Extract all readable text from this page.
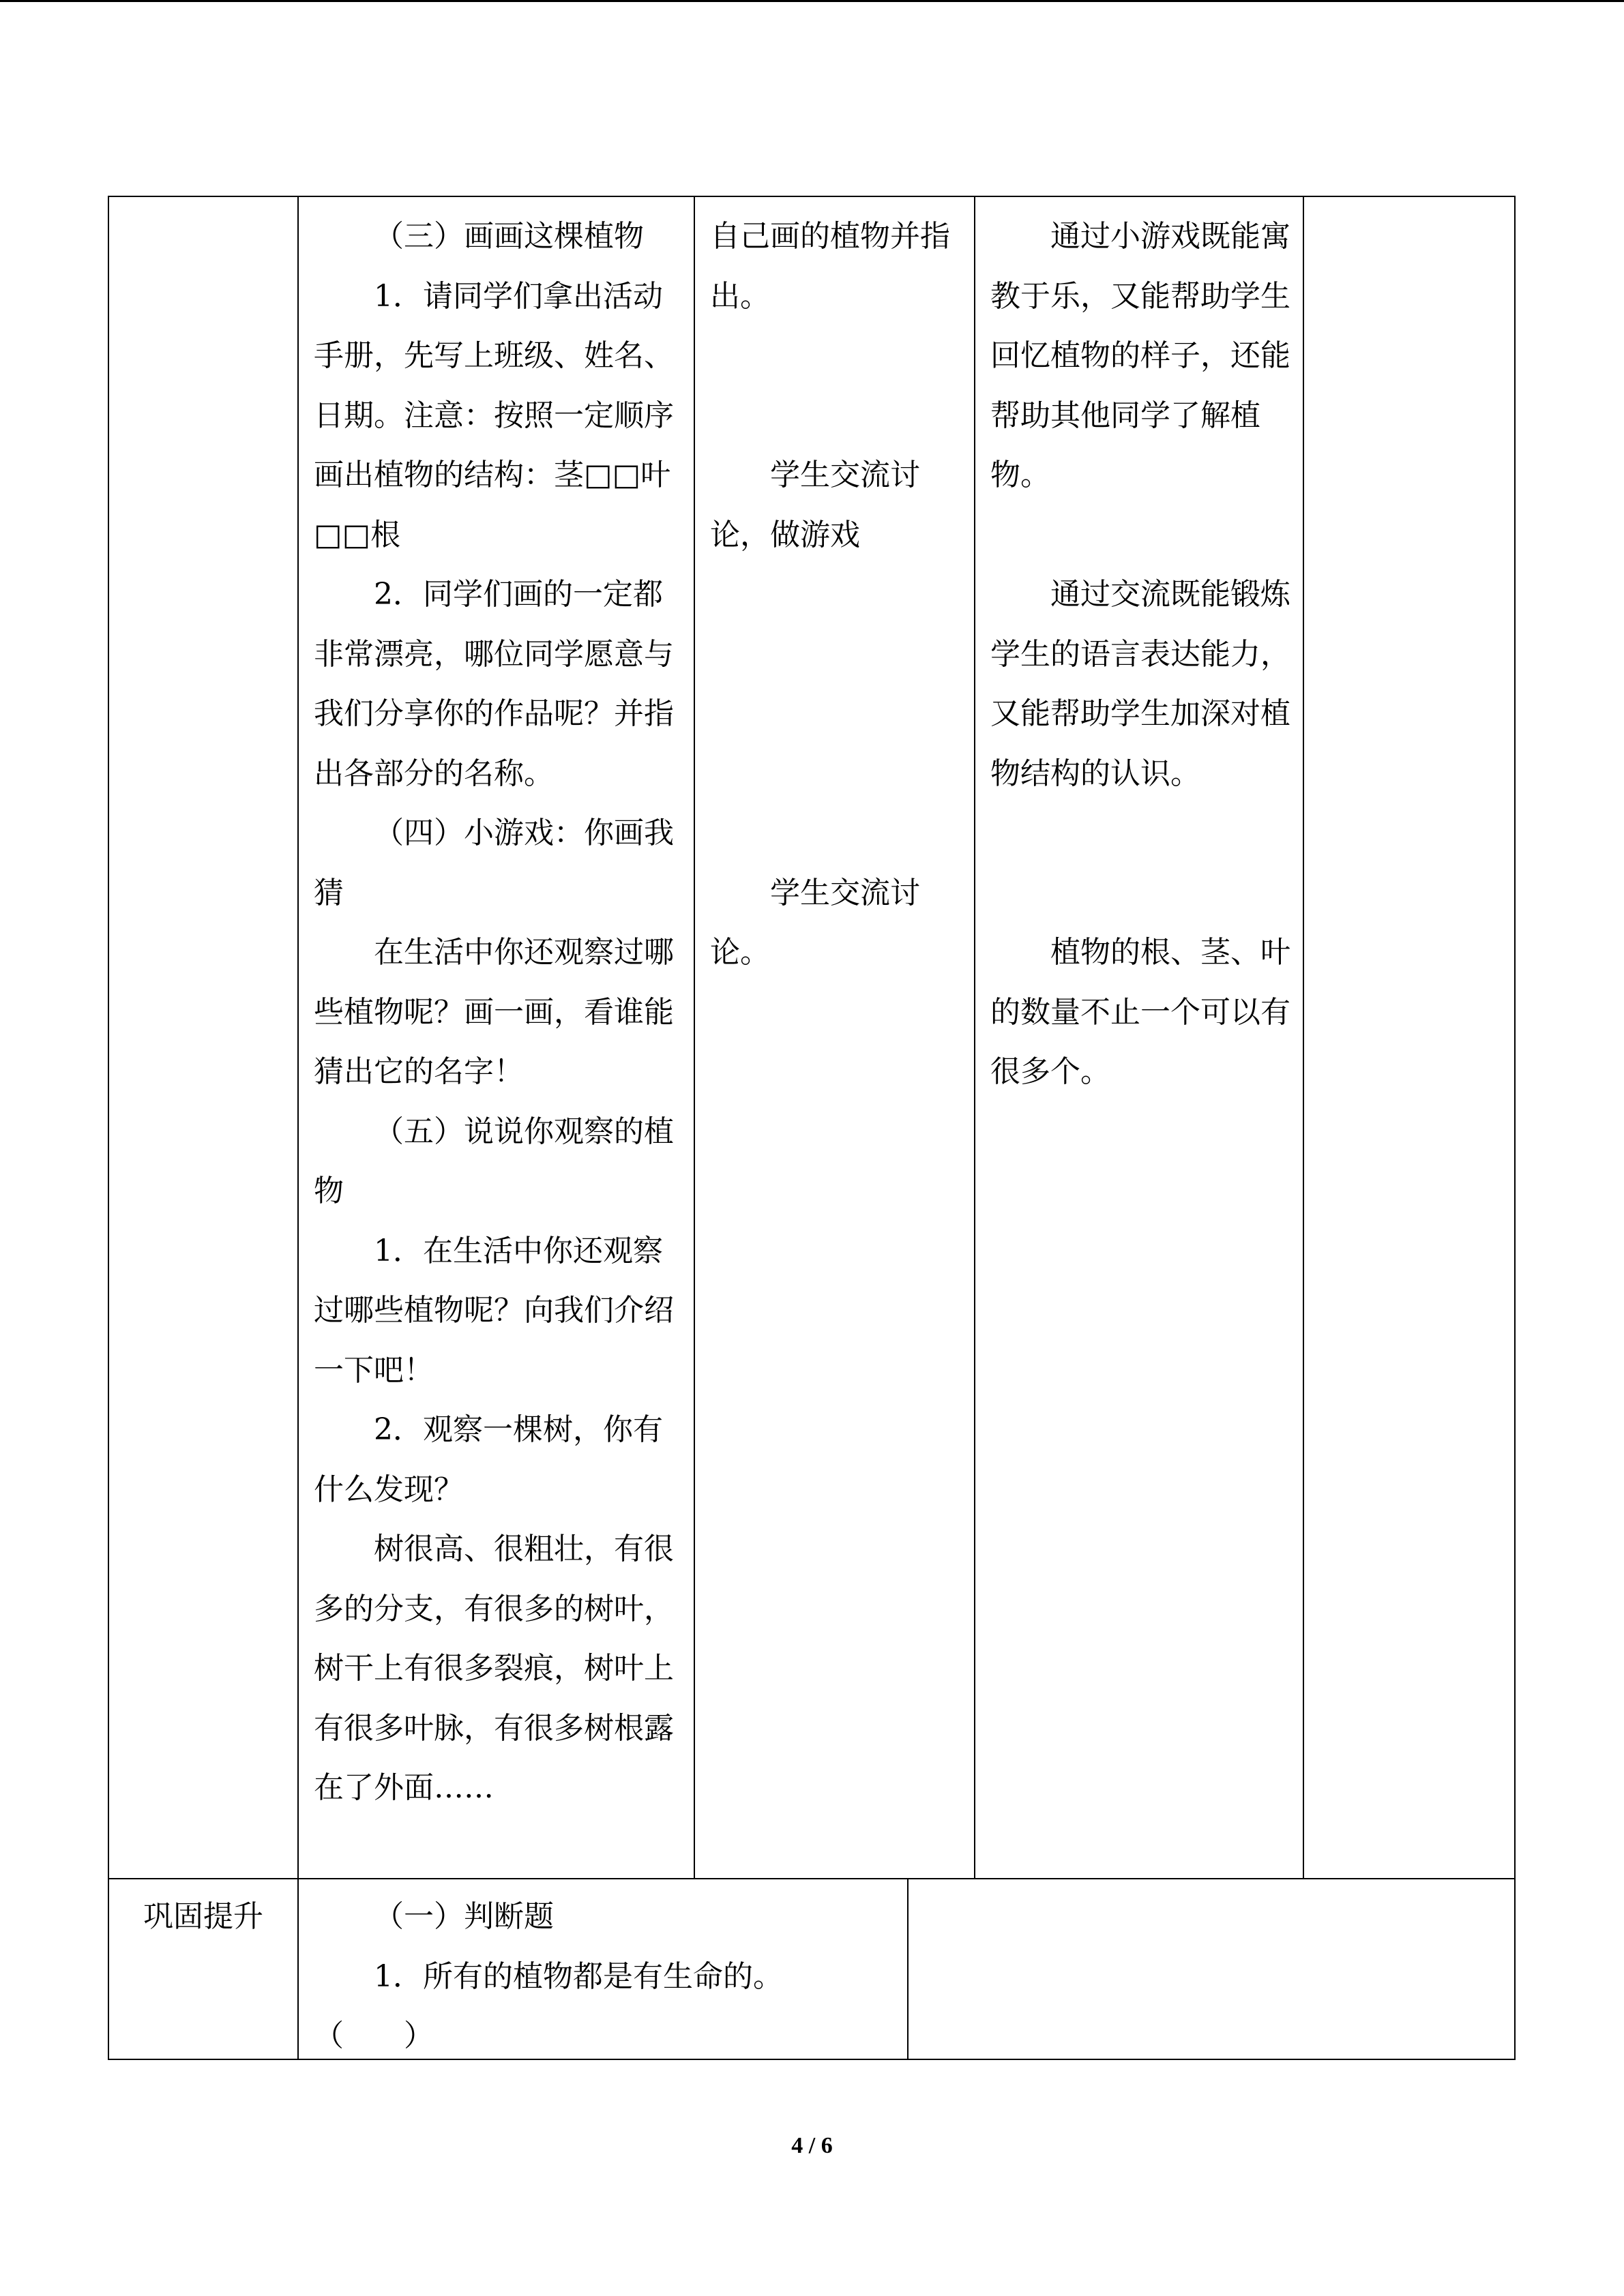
（三）画画这棵植物

1．请同学们拿出活动手册，先写上班级、姓名、日期。注意：按照一定顺序画出植物的结构：茎□□叶□□根

2．同学们画的一定都非常漂亮，哪位同学愿意与我们分享你的作品呢？并指出各部分的名称。

（四）小游戏：你画我猜

在生活中你还观察过哪些植物呢？画一画，看谁能猜出它的名字！

（五）说说你观察的植物

1．在生活中你还观察过哪些植物呢？向我们介绍一下吧！

2．观察一棵树，你有什么发现？

树很高、很粗壮，有很多的分支，有很多的树叶，树干上有很多裂痕，树叶上有很多叶脉，有很多树根露在了外面……

自己画的植物并指出。

学生交流讨论，做游戏

学生交流讨论。

通过小游戏既能寓教于乐，又能帮助学生回忆植物的样子，还能帮助其他同学了解植物。

通过交流既能锻炼学生的语言表达能力，又能帮助学生加深对植物结构的认识。

植物的根、茎、叶的数量不止一个可以有很多个。

巩固提升	（一）判断题

1．所有的植物都是有生命的。

（　　）

4 / 6
